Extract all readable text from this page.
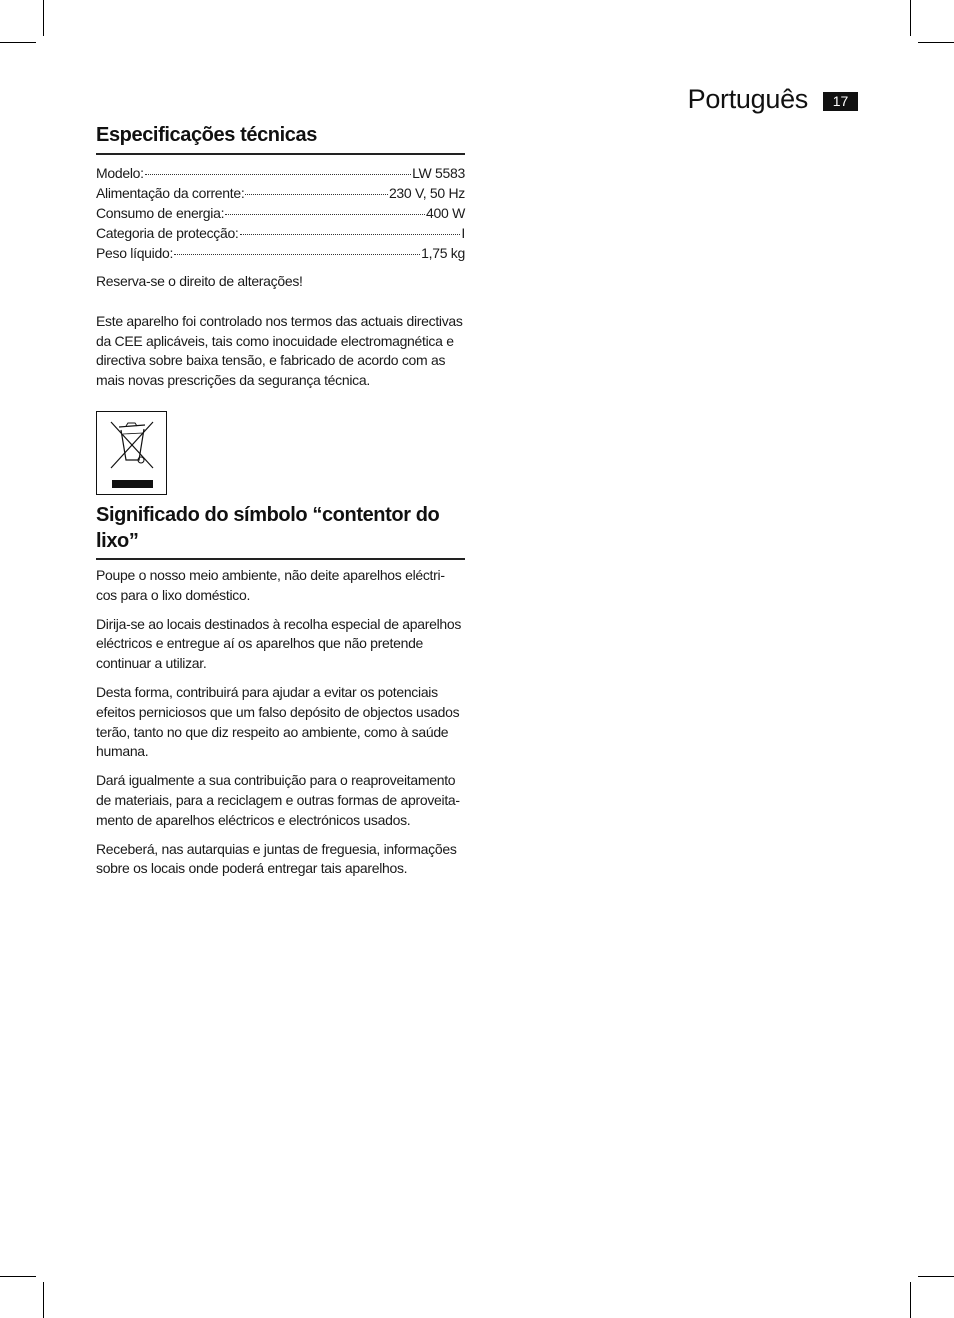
Português	17
Especificações técnicas
Modelo:	LW 5583
Alimentação da corrente:	230 V, 50 Hz
Consumo de energia:	400 W
Categoria de protecção:	I
Peso líquido:	1,75 kg

Reserva-se o direito de alterações!

Este aparelho foi controlado nos termos das actuais directivas da CEE aplicáveis, tais como inocuidade electromagnética e directiva sobre baixa tensão, e fabricado de acordo com as mais novas prescrições da segurança técnica.

Significado do símbolo “contentor do lixo”

Poupe o nosso meio ambiente, não deite aparelhos eléctri-cos para o lixo doméstico.

Dirija-se ao locais destinados à recolha especial de aparelhos eléctricos e entregue aí os aparelhos que não pretende continuar a utilizar.

Desta forma, contribuirá para ajudar a evitar os potenciais efeitos perniciosos que um falso depósito de objectos usados terão, tanto no que diz respeito ao ambiente, como à saúde humana.

Dará igualmente a sua contribuição para o reaproveitamento de materiais, para a reciclagem e outras formas de aproveita-mento de aparelhos eléctricos e electrónicos usados.

Receberá, nas autarquias e juntas de freguesia, informações sobre os locais onde poderá entregar tais aparelhos.
